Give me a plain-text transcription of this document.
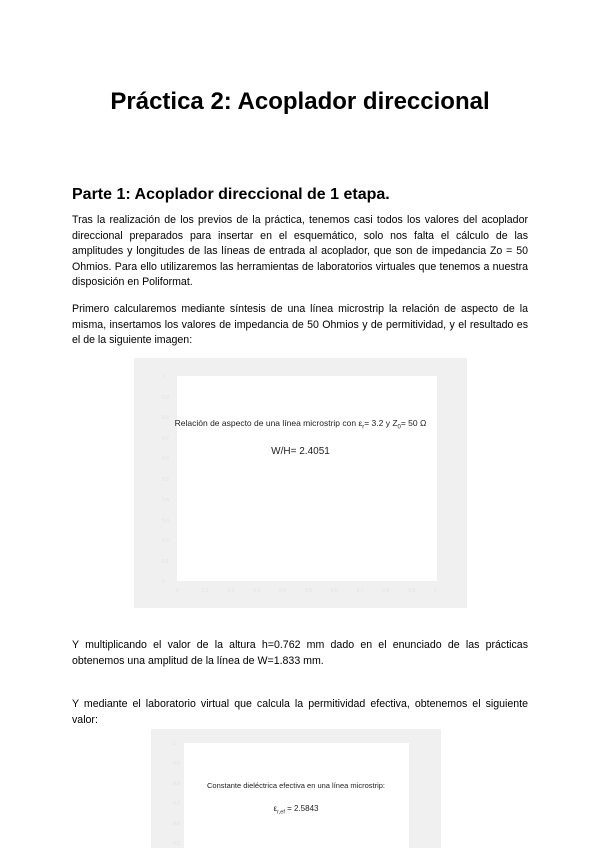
Práctica 2: Acoplador direccional
Parte 1: Acoplador direccional de 1 etapa.
Tras la realización de los previos de la práctica, tenemos casi todos los valores del acoplador direccional preparados para insertar en el esquemático, solo nos falta el cálculo de las amplitudes y longitudes de las líneas de entrada al acoplador, que son de impedancia Zo = 50 Ohmios. Para ello utilizaremos las herramientas de laboratorios virtuales que tenemos a nuestra disposición en Poliformat.
Primero calcularemos mediante síntesis de una línea microstrip la relación de aspecto de la misma, insertamos los valores de impedancia de 50 Ohmios y de permitividad, y el resultado es el de la siguiente imagen:
1
0.9
0.8
0.7
0.6
0.5
0.4
0.3
0.2
0.1
0
0	0.1	0.2	0.3	0.4	0.5	0.6	0.7	0.8	0.9	1
Relación de aspecto de una línea microstrip con $\varepsilon_r= 3.2$ y $Z_0= 50$ Ω
W/H= 2.4051
Y multiplicando el valor de la altura h=0.762 mm dado en el enunciado de las prácticas obtenemos una amplitud de la línea de W=1.833 mm.
Y mediante el laboratorio virtual que calcula la permitividad efectiva, obtenemos el siguiente valor:
1
0.9
0.8
0.7
0.6
0.5
Constante dieléctrica efectiva en una línea microstrip:
$\varepsilon_{r,ef} = 2.5843$
